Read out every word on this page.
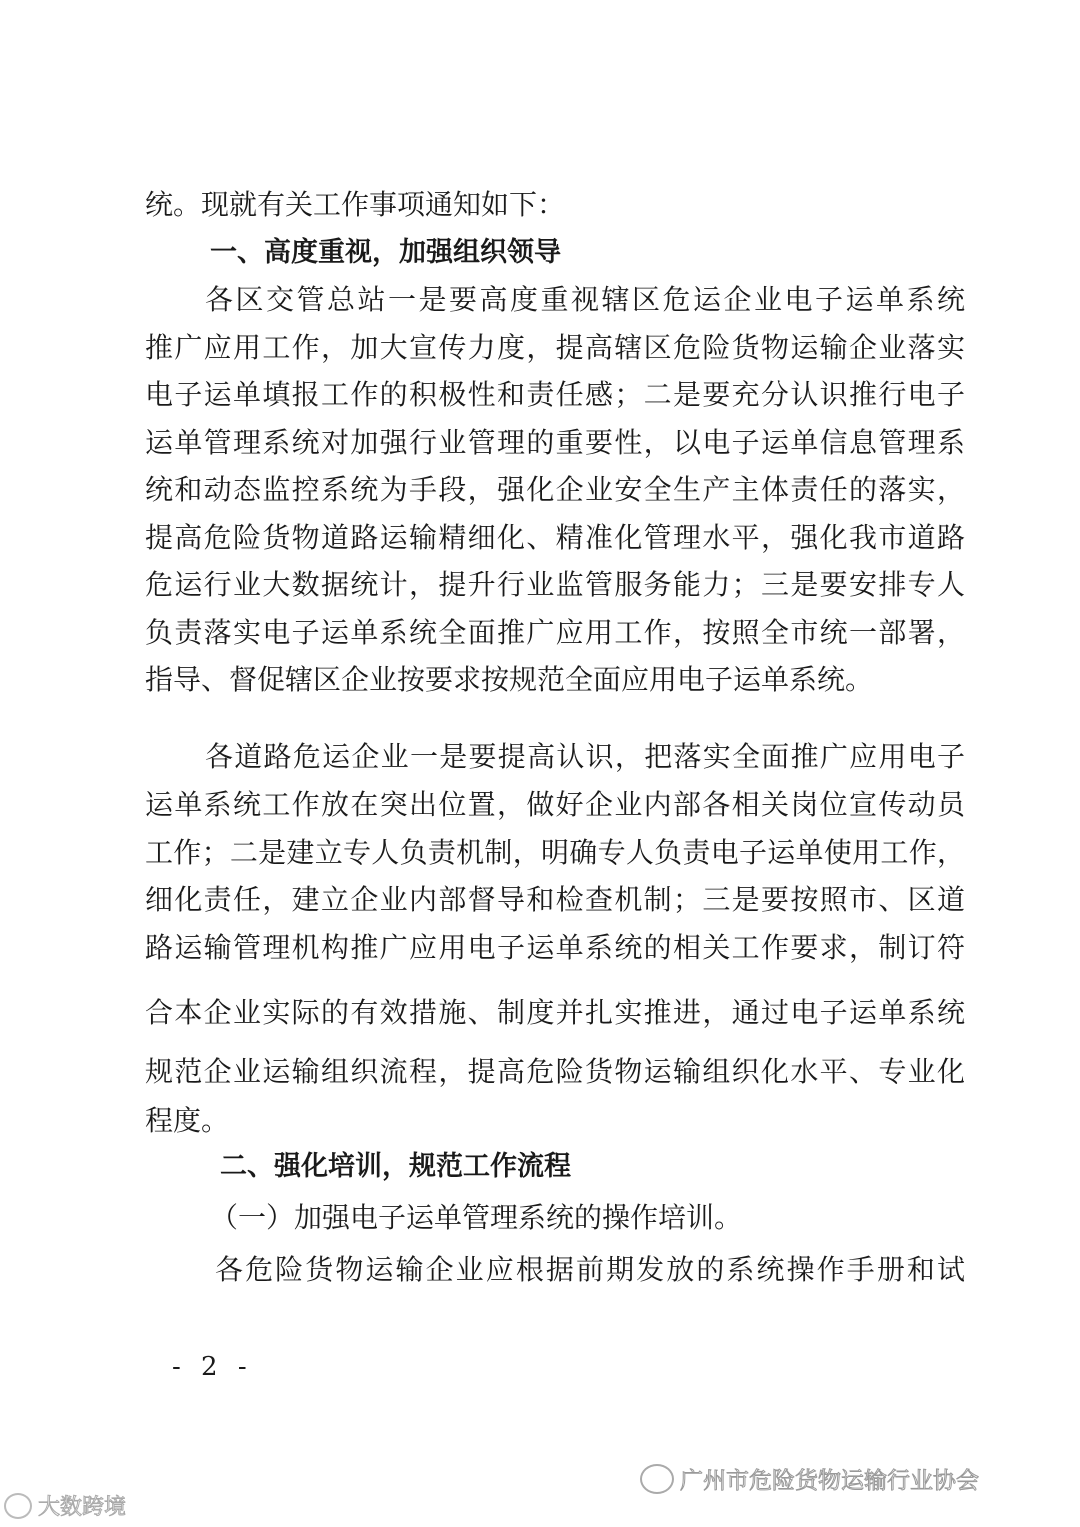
统。现就有关工作事项通知如下：
一、高度重视，加强组织领导
各区交管总站一是要高度重视辖区危运企业电子运单系统
推广应用工作，加大宣传力度，提高辖区危险货物运输企业落实
电子运单填报工作的积极性和责任感；二是要充分认识推行电子
运单管理系统对加强行业管理的重要性，以电子运单信息管理系
统和动态监控系统为手段，强化企业安全生产主体责任的落实，
提高危险货物道路运输精细化、精准化管理水平，强化我市道路
危运行业大数据统计，提升行业监管服务能力；三是要安排专人
负责落实电子运单系统全面推广应用工作，按照全市统一部署，
指导、督促辖区企业按要求按规范全面应用电子运单系统。
各道路危运企业一是要提高认识，把落实全面推广应用电子
运单系统工作放在突出位置，做好企业内部各相关岗位宣传动员
工作；二是建立专人负责机制，明确专人负责电子运单使用工作，
细化责任，建立企业内部督导和检查机制；三是要按照市、区道
路运输管理机构推广应用电子运单系统的相关工作要求，制订符
合本企业实际的有效措施、制度并扎实推进，通过电子运单系统
规范企业运输组织流程，提高危险货物运输组织化水平、专业化
程度。
二、强化培训，规范工作流程
（一）加强电子运单管理系统的操作培训。
各危险货物运输企业应根据前期发放的系统操作手册和试
- 2 -
广州市危险货物运输行业协会
大数跨境
